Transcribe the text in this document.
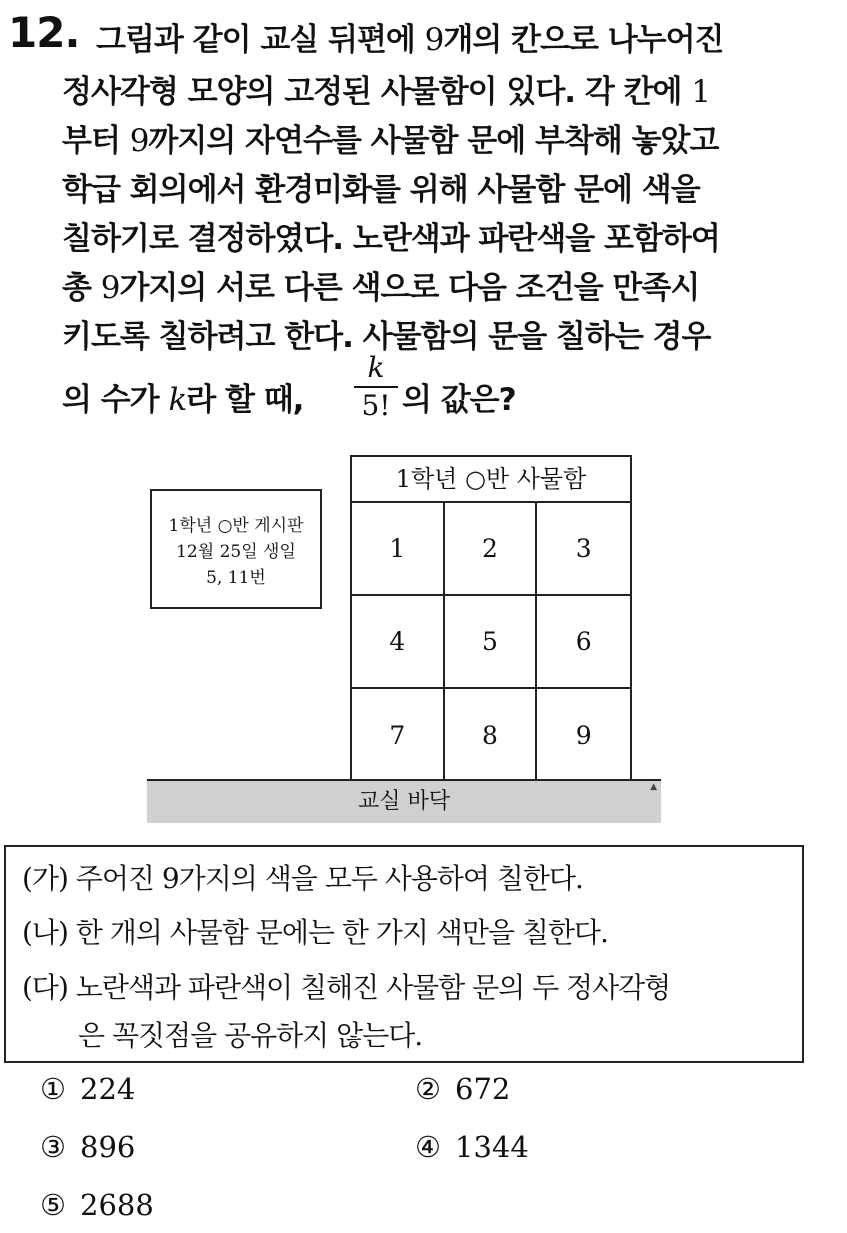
12. 그림과 같이 교실 뒤편에 9개의 칸으로 나누어진
정사각형 모양의 고정된 사물함이 있다. 각 칸에 1
부터 9까지의 자연수를 사물함 문에 부착해 놓았고
학급 회의에서 환경미화를 위해 사물함 문에 색을
칠하기로 결정하였다. 노란색과 파란색을 포함하여
총 9가지의 서로 다른 색으로 다음 조건을 만족시
키도록 칠하려고 한다. 사물함의 문을 칠하는 경우
의 수가 k라 할 때,
k
5! 의 값은?
1학년 ○반 게시판
12월 25일 생일
5, 11번
1학년 ○반 사물함
1	2	3
4	5	6
7	8	9
교실 바닥
▲
(가) 주어진 9가지의 색을 모두 사용하여 칠한다.
(나) 한 개의 사물함 문에는 한 가지 색만을 칠한다.
(다) 노란색과 파란색이 칠해진 사물함 문의 두 정사각형
은 꼭짓점을 공유하지 않는다.
① 224	② 672
③ 896	④ 1344
⑤ 2688
